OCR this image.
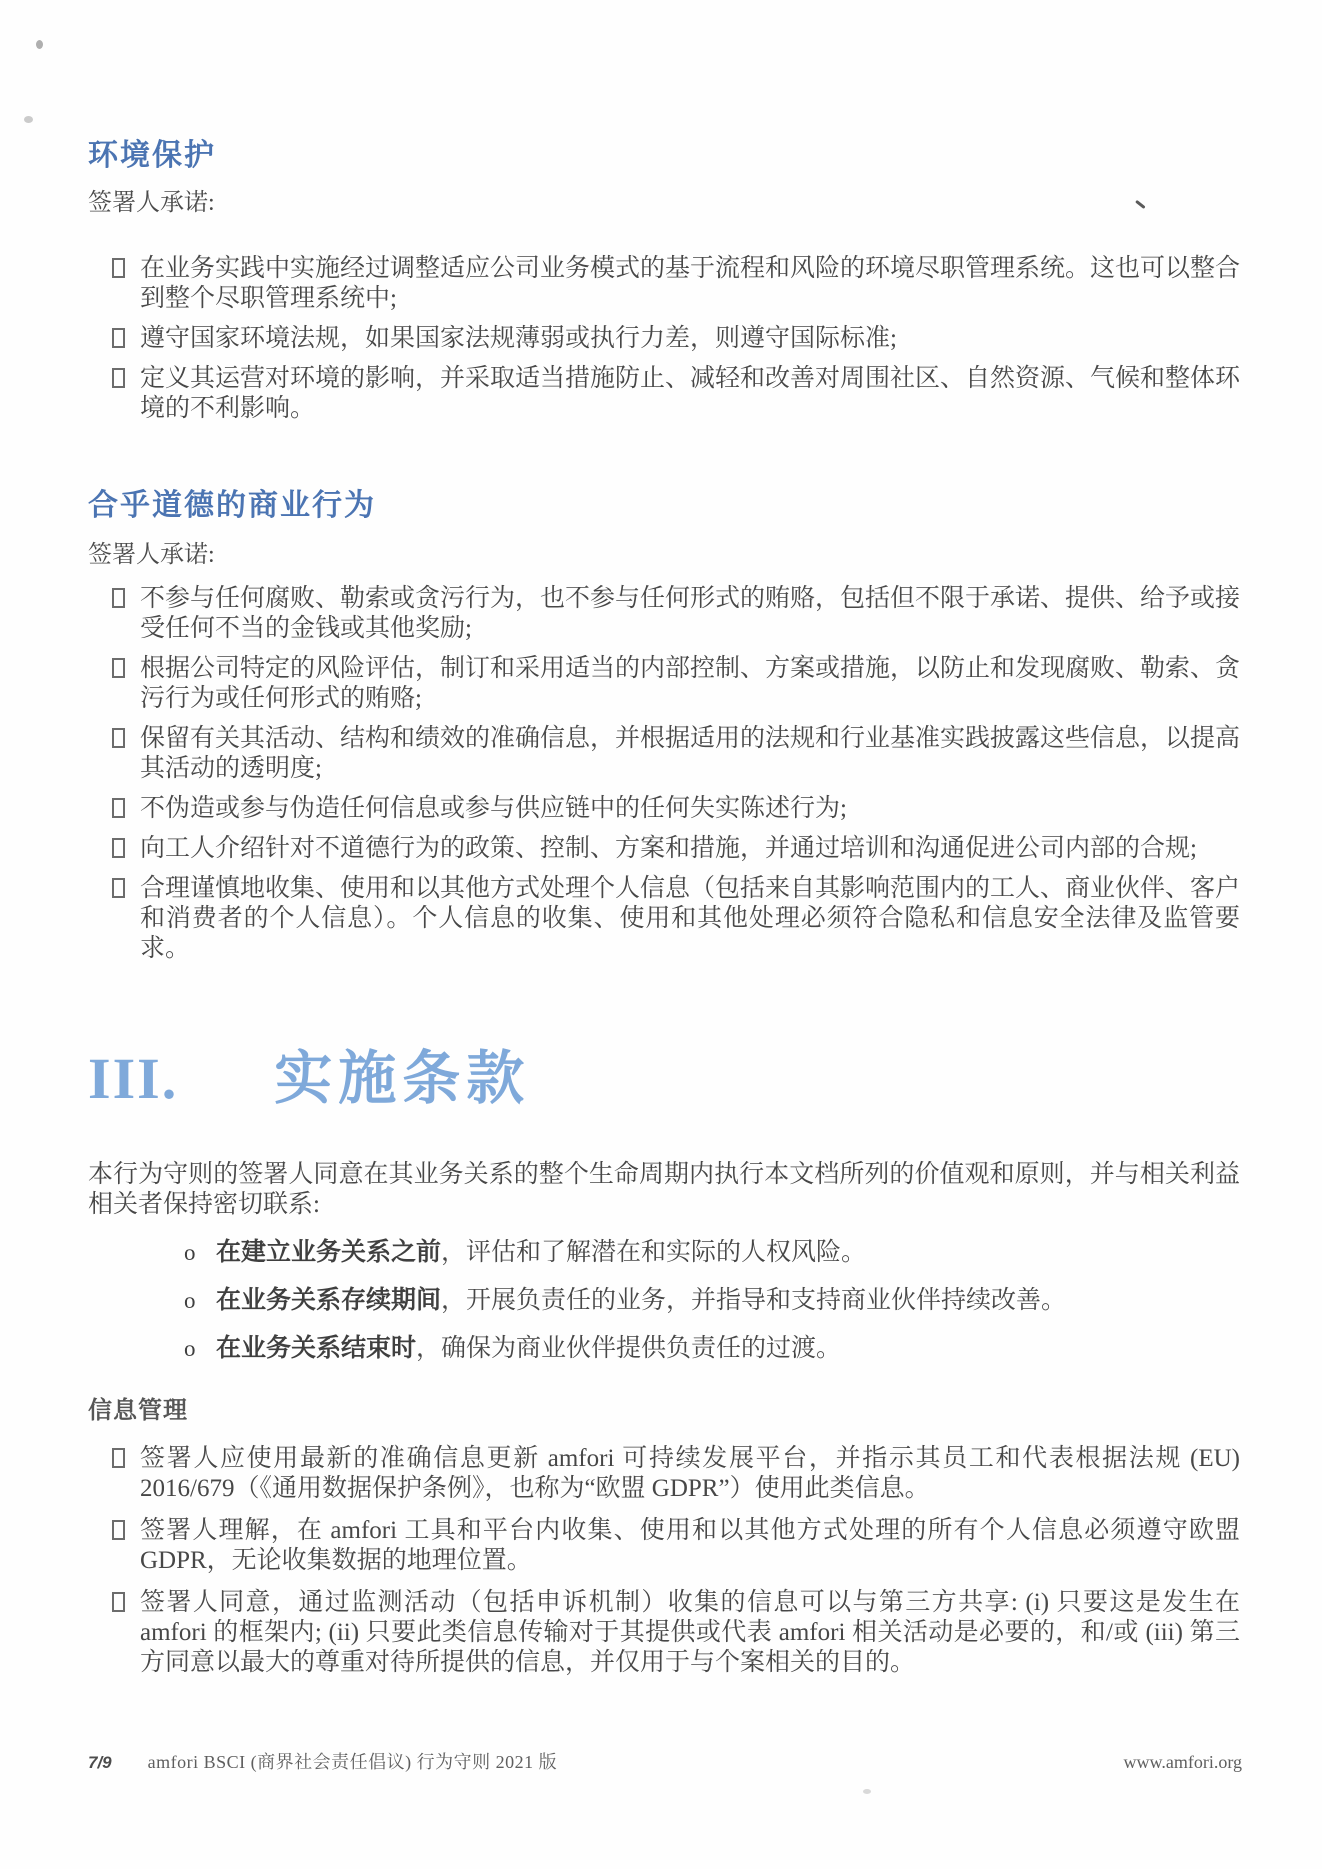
环境保护
签署人承诺:
在业务实践中实施经过调整适应公司业务模式的基于流程和风险的环境尽职管理系统。这也可以整合到整个尽职管理系统中;
遵守国家环境法规，如果国家法规薄弱或执行力差，则遵守国际标准;
定义其运营对环境的影响，并采取适当措施防止、减轻和改善对周围社区、自然资源、气候和整体环境的不利影响。
合乎道德的商业行为
签署人承诺:
不参与任何腐败、勒索或贪污行为，也不参与任何形式的贿赂，包括但不限于承诺、提供、给予或接受任何不当的金钱或其他奖励;
根据公司特定的风险评估，制订和采用适当的内部控制、方案或措施，以防止和发现腐败、勒索、贪污行为或任何形式的贿赂;
保留有关其活动、结构和绩效的准确信息，并根据适用的法规和行业基准实践披露这些信息，以提高其活动的透明度;
不伪造或参与伪造任何信息或参与供应链中的任何失实陈述行为;
向工人介绍针对不道德行为的政策、控制、方案和措施，并通过培训和沟通促进公司内部的合规;
合理谨慎地收集、使用和以其他方式处理个人信息（包括来自其影响范围内的工人、商业伙伴、客户和消费者的个人信息）。个人信息的收集、使用和其他处理必须符合隐私和信息安全法律及监管要求。
III. 实施条款
本行为守则的签署人同意在其业务关系的整个生命周期内执行本文档所列的价值观和原则，并与相关利益相关者保持密切联系:
o 在建立业务关系之前，评估和了解潜在和实际的人权风险。
o 在业务关系存续期间，开展负责任的业务，并指导和支持商业伙伴持续改善。
o 在业务关系结束时，确保为商业伙伴提供负责任的过渡。
信息管理
签署人应使用最新的准确信息更新 amfori 可持续发展平台，并指示其员工和代表根据法规 (EU) 2016/679（《通用数据保护条例》，也称为“欧盟 GDPR”）使用此类信息。
签署人理解，在 amfori 工具和平台内收集、使用和以其他方式处理的所有个人信息必须遵守欧盟 GDPR，无论收集数据的地理位置。
签署人同意，通过监测活动（包括申诉机制）收集的信息可以与第三方共享: (i) 只要这是发生在 amfori 的框架内; (ii) 只要此类信息传输对于其提供或代表 amfori 相关活动是必要的，和/或 (iii) 第三方同意以最大的尊重对待所提供的信息，并仅用于与个案相关的目的。
7/9 amfori BSCI (商界社会责任倡议) 行为守则 2021 版	www.amfori.org
